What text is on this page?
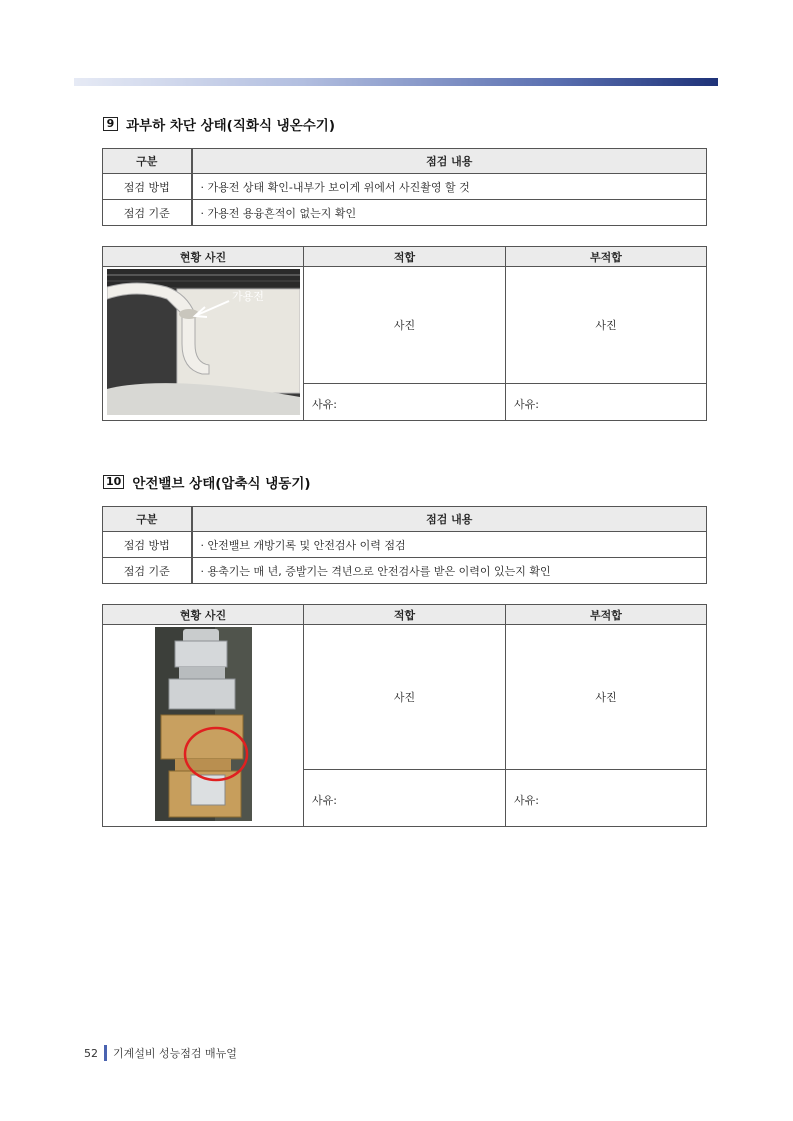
9 과부하 차단 상태(직화식 냉온수기)
구분	점검 내용
점검 방법	· 가용전 상태 확인-내부가 보이게 위에서 사진촬영 할 것
점검 기준	· 가용전 용융흔적이 없는지 확인
현황 사진	적합	부적합

가용전	사진	사진
	사유:	사유:
10 안전밸브 상태(압축식 냉동기)
구분	점검 내용
점검 방법	· 안전밸브 개방기록 및 안전검사 이력 점검
점검 기준	· 용축기는 매 년, 증발기는 격년으로 안전검사를 받은 이력이 있는지 확인
현황 사진	적합	부적합
	사진	사진
	사유:	사유:
52 기계설비 성능점검 매뉴얼
